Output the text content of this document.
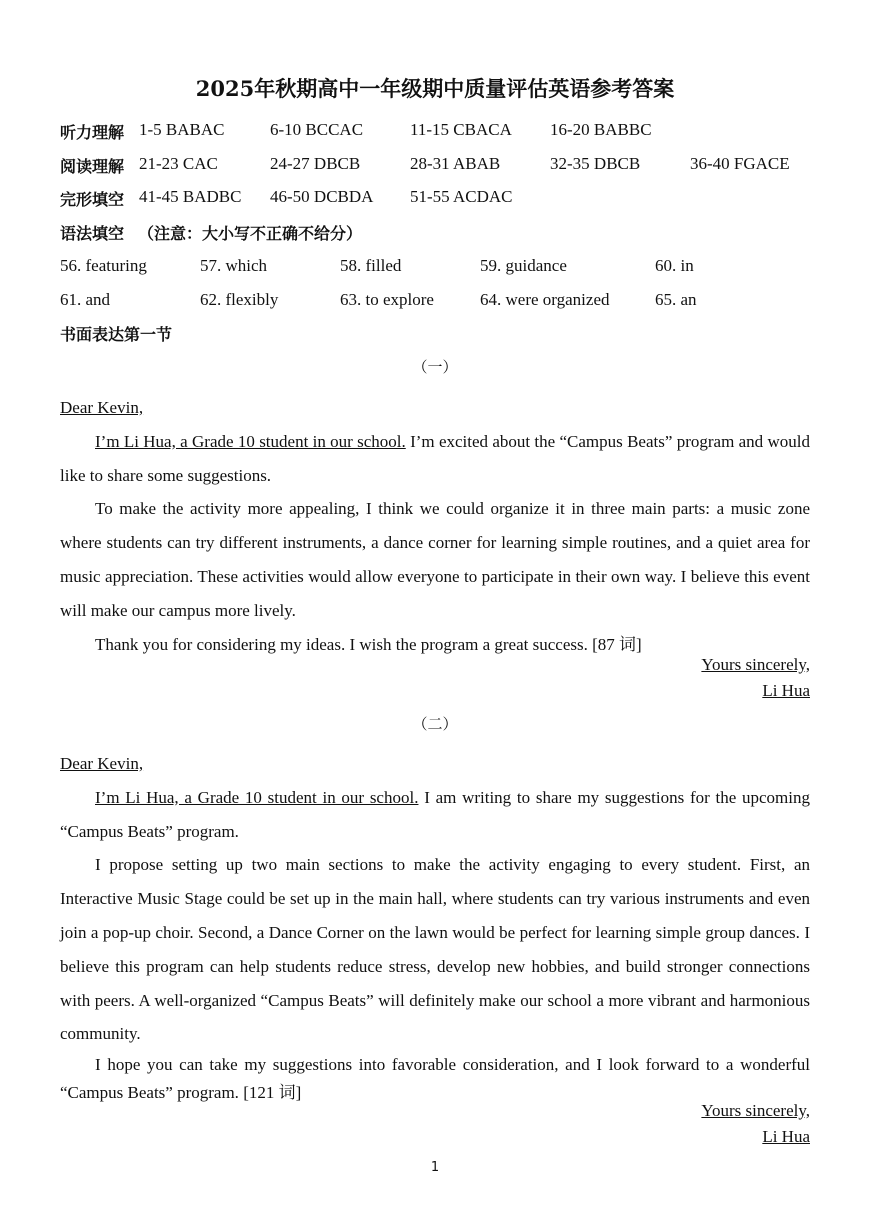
2025年秋期高中一年级期中质量评估英语参考答案
听力理解 1-5 BABAC	6-10 BCCAC	11-15 CBACA 16-20 BABBC
阅读理解 21-23 CAC	24-27 DBCB	28-31 ABAB	32-35 DBCB	36-40 FGACE
完形填空 41-45 BADBC 46-50 DCBDA 51-55 ACDAC
语法填空 （注意：大小写不正确不给分）
56. featuring	57. which	58. filled	59. guidance	60. in
61. and	62. flexibly	63. to explore	64. were organized	65. an
书面表达第一节
（一）
Dear Kevin,

I’m Li Hua, a Grade 10 student in our school. I’m excited about the “Campus Beats” program and would like to share some suggestions.

To make the activity more appealing, I think we could organize it in three main parts: a music zone where students can try different instruments, a dance corner for learning simple routines, and a quiet area for music appreciation. These activities would allow everyone to participate in their own way. I believe this event will make our campus more lively.

Thank you for considering my ideas. I wish the program a great success. [87 词]

Yours sincerely,
Li Hua
（二）
Dear Kevin,

I’m Li Hua, a Grade 10 student in our school. I am writing to share my suggestions for the upcoming “Campus Beats” program.

I propose setting up two main sections to make the activity engaging to every student. First, an Interactive Music Stage could be set up in the main hall, where students can try various instruments and even join a pop-up choir. Second, a Dance Corner on the lawn would be perfect for learning simple group dances. I believe this program can help students reduce stress, develop new hobbies, and build stronger connections with peers. A well-organized “Campus Beats” will definitely make our school a more vibrant and harmonious community.

I hope you can take my suggestions into favorable consideration, and I look forward to a wonderful “Campus Beats” program. [121 词]

Yours sincerely,
Li Hua
1
